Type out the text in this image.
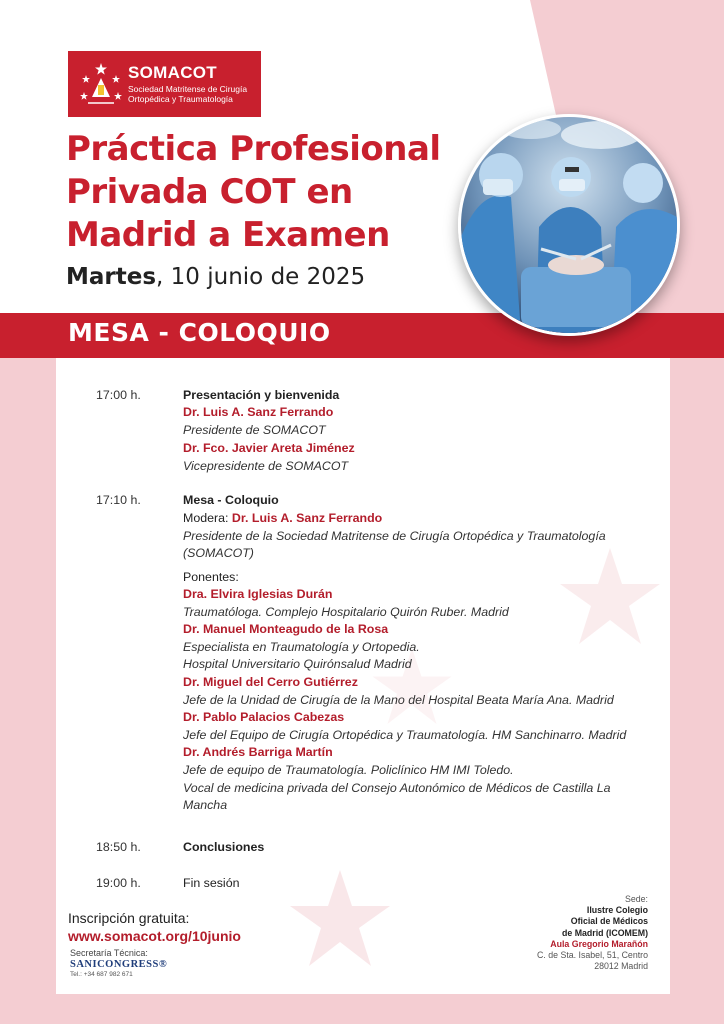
SOMACOT
Sociedad Matritense de Cirugía Ortopédica y Traumatología
Práctica Profesional
Privada COT en
Madrid a Examen
Martes, 10 junio de 2025
MESA - COLOQUIO
17:00 h.	Presentación y bienvenida
Dr. Luis A. Sanz Ferrando
Presidente de SOMACOT
Dr. Fco. Javier Areta Jiménez
Vicepresidente de SOMACOT
17:10 h.	Mesa - Coloquio
Modera: Dr. Luis A. Sanz Ferrando
Presidente de la Sociedad Matritense de Cirugía Ortopédica y Traumatología
(SOMACOT)
Ponentes:
Dra. Elvira Iglesias Durán
Traumatóloga. Complejo Hospitalario Quirón Ruber. Madrid
Dr. Manuel Monteagudo de la Rosa
Especialista en Traumatología y Ortopedia.
Hospital Universitario Quirónsalud Madrid
Dr. Miguel del Cerro Gutiérrez
Jefe de la Unidad de Cirugía de la Mano del Hospital Beata María Ana. Madrid
Dr. Pablo Palacios Cabezas
Jefe del Equipo de Cirugía Ortopédica y Traumatología. HM Sanchinarro. Madrid
Dr. Andrés Barriga Martín
Jefe de equipo de Traumatología. Policlínico HM IMI Toledo.
Vocal de medicina privada del Consejo Autonómico de Médicos de Castilla La
Mancha
18:50 h.	Conclusiones
19:00 h.	Fin sesión
Inscripción gratuita:
www.somacot.org/10junio
Secretaría Técnica:
SANICONGRESS®
Tel.: +34 687 982 671
Sede:
Ilustre Colegio
Oficial de Médicos
de Madrid (ICOMEM)
Aula Gregorio Marañón
C. de Sta. Isabel, 51, Centro
28012 Madrid
